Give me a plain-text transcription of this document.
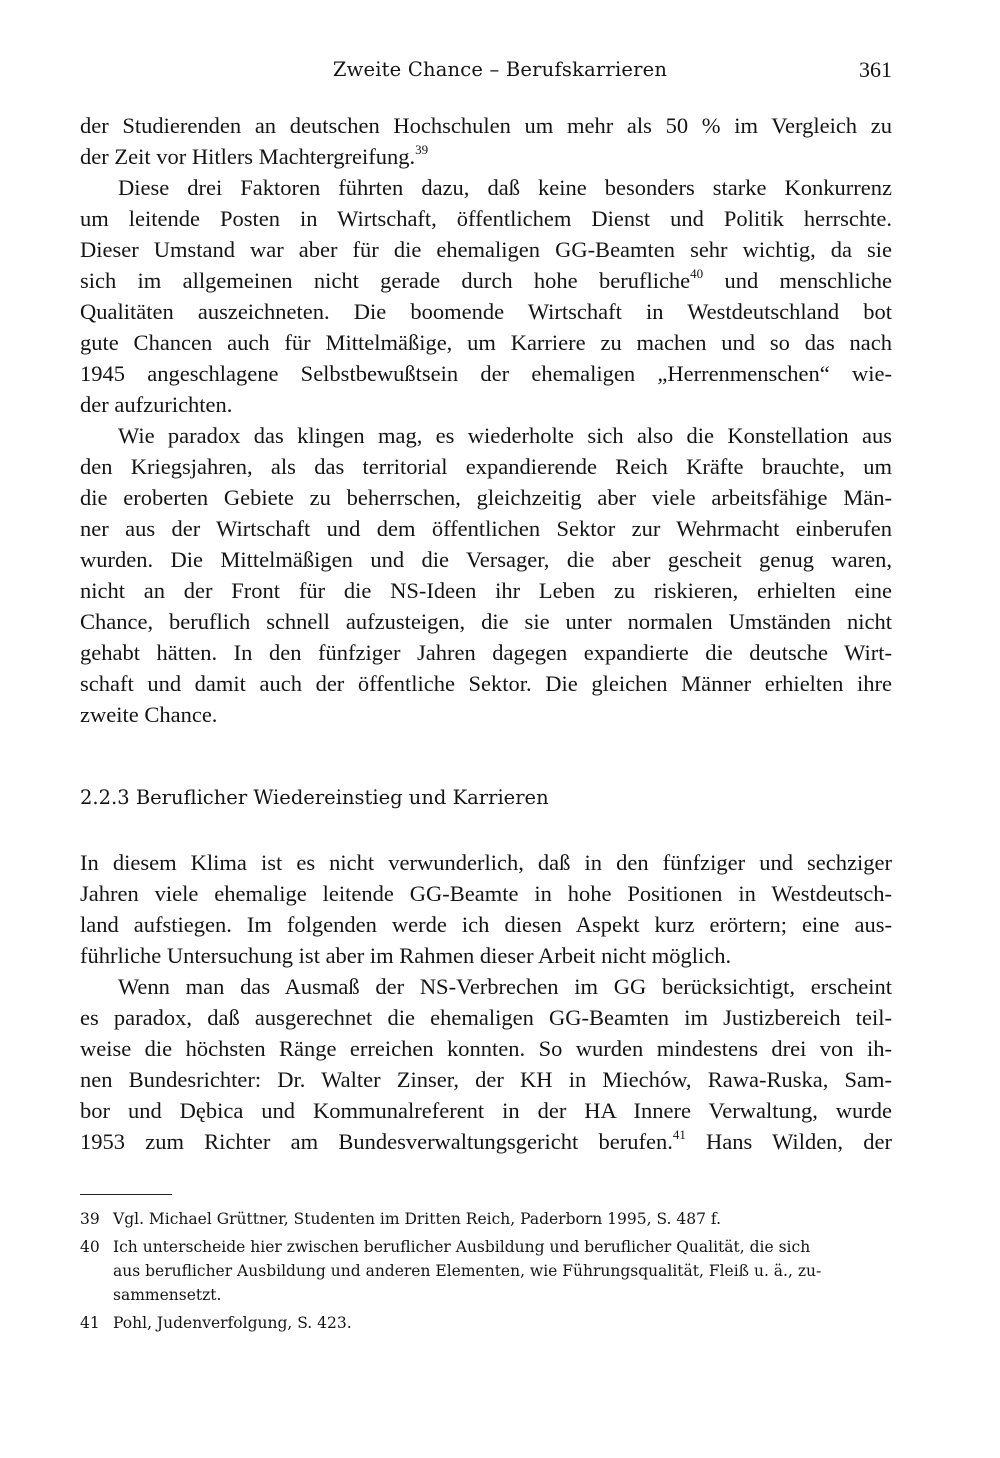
Zweite Chance – Berufskarrieren	361
der Studierenden an deutschen Hochschulen um mehr als 50 % im Vergleich zu
der Zeit vor Hitlers Machtergreifung.$^{39}$
Diese drei Faktoren führten dazu, daß keine besonders starke Konkurrenz
um leitende Posten in Wirtschaft, öffentlichem Dienst und Politik herrschte.
Dieser Umstand war aber für die ehemaligen GG-Beamten sehr wichtig, da sie
sich im allgemeinen nicht gerade durch hohe berufliche$^{40}$ und menschliche
Qualitäten auszeichneten. Die boomende Wirtschaft in Westdeutschland bot
gute Chancen auch für Mittelmäßige, um Karriere zu machen und so das nach
1945 angeschlagene Selbstbewußtsein der ehemaligen „Herrenmenschen“ wie-
der aufzurichten.
Wie paradox das klingen mag, es wiederholte sich also die Konstellation aus
den Kriegsjahren, als das territorial expandierende Reich Kräfte brauchte, um
die eroberten Gebiete zu beherrschen, gleichzeitig aber viele arbeitsfähige Män-
ner aus der Wirtschaft und dem öffentlichen Sektor zur Wehrmacht einberufen
wurden. Die Mittelmäßigen und die Versager, die aber gescheit genug waren,
nicht an der Front für die NS-Ideen ihr Leben zu riskieren, erhielten eine
Chance, beruflich schnell aufzusteigen, die sie unter normalen Umständen nicht
gehabt hätten. In den fünfziger Jahren dagegen expandierte die deutsche Wirt-
schaft und damit auch der öffentliche Sektor. Die gleichen Männer erhielten ihre
zweite Chance.
2.2.3 Beruflicher Wiedereinstieg und Karrieren
In diesem Klima ist es nicht verwunderlich, daß in den fünfziger und sechziger
Jahren viele ehemalige leitende GG-Beamte in hohe Positionen in Westdeutsch-
land aufstiegen. Im folgenden werde ich diesen Aspekt kurz erörtern; eine aus-
führliche Untersuchung ist aber im Rahmen dieser Arbeit nicht möglich.
Wenn man das Ausmaß der NS-Verbrechen im GG berücksichtigt, erscheint
es paradox, daß ausgerechnet die ehemaligen GG-Beamten im Justizbereich teil-
weise die höchsten Ränge erreichen konnten. So wurden mindestens drei von ih-
nen Bundesrichter: Dr. Walter Zinser, der KH in Miechów, Rawa-Ruska, Sam-
bor und Dębica und Kommunalreferent in der HA Innere Verwaltung, wurde
1953 zum Richter am Bundesverwaltungsgericht berufen.$^{41}$ Hans Wilden, der
39 Vgl. Michael Grüttner, Studenten im Dritten Reich, Paderborn 1995, S. 487 f.
40 Ich unterscheide hier zwischen beruflicher Ausbildung und beruflicher Qualität, die sich
aus beruflicher Ausbildung und anderen Elementen, wie Führungsqualität, Fleiß u. ä., zu-
sammensetzt.
41 Pohl, Judenverfolgung, S. 423.
